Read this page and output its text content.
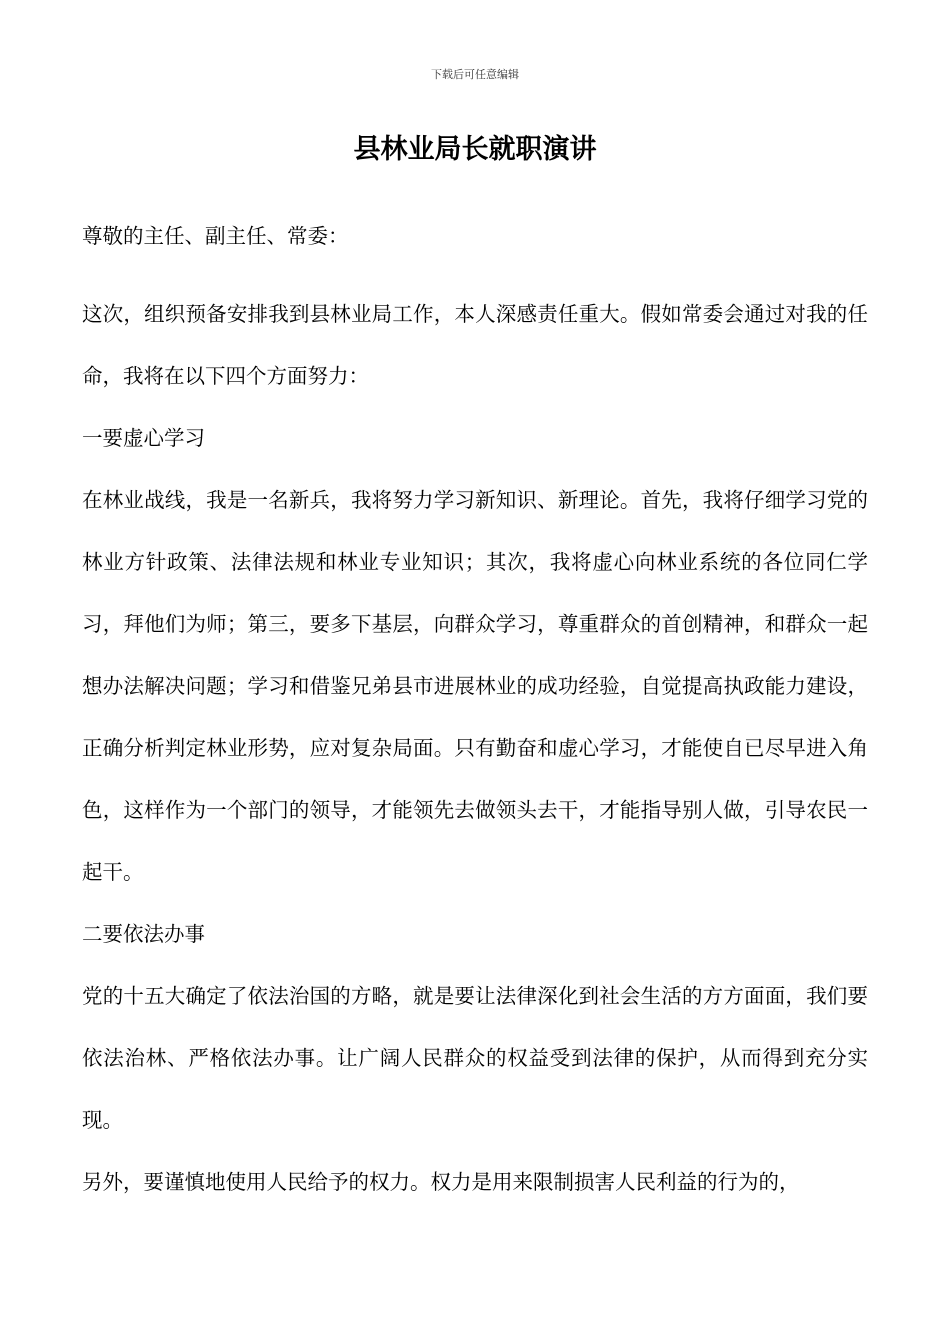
下载后可任意编辑
县林业局长就职演讲

尊敬的主任、副主任、常委：

这次，组织预备安排我到县林业局工作，本人深感责任重大。假如常委会通过对我的任命，我将在以下四个方面努力：

一要虚心学习

在林业战线，我是一名新兵，我将努力学习新知识、新理论。首先，我将仔细学习党的林业方针政策、法律法规和林业专业知识；其次，我将虚心向林业系统的各位同仁学习，拜他们为师；第三，要多下基层，向群众学习，尊重群众的首创精神，和群众一起想办法解决问题；学习和借鉴兄弟县市进展林业的成功经验，自觉提高执政能力建设，正确分析判定林业形势，应对复杂局面。只有勤奋和虚心学习，才能使自已尽早进入角色，这样作为一个部门的领导，才能领先去做领头去干，才能指导别人做，引导农民一起干。

二要依法办事

党的十五大确定了依法治国的方略，就是要让法律深化到社会生活的方方面面，我们要依法治林、严格依法办事。让广阔人民群众的权益受到法律的保护，从而得到充分实现。

另外，要谨慎地使用人民给予的权力。权力是用来限制损害人民利益的行为的，
